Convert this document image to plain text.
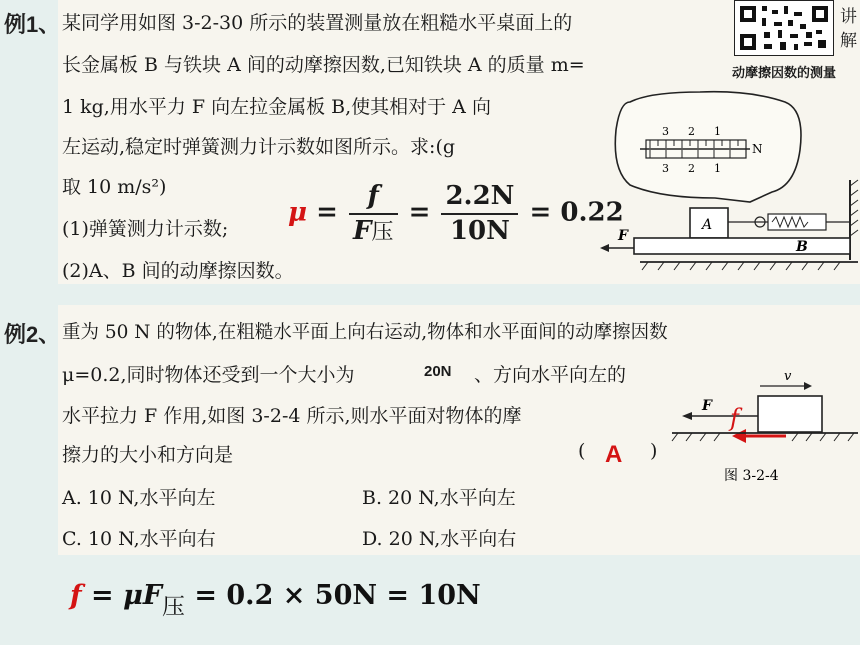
例1、 某同学用如图 3-2-30 所示的装置测量放在粗糙水平桌面上的
长金属板 B 与铁块 A 间的动摩擦因数,已知铁块 A 的质量 m=
1 kg,用水平力 F 向左拉金属板 B,使其相对于 A 向
左运动,稳定时弹簧测力计示数如图所示。求:(g
取 10 m/s²)
(1)弹簧测力计示数;
(2)A、B 间的动摩擦因数。
$\mu = \frac{f}{\text{F压}} = \frac{2.2N}{10N} = 0.22$
讲
解
动摩擦因数的测量
3 2 1
3 2 1
N
A
B
F
例2、 重为 50 N 的物体,在粗糙水平面上向右运动,物体和水平面间的动摩擦因数
μ=0.2,同时物体还受到一个大小为	20N 、方向水平向左的
水平拉力 F 作用,如图 3-2-4 所示,则水平面对物体的摩
擦力的大小和方向是	( A )
A. 10 N,水平向左	B. 20 N,水平向左
C. 10 N,水平向右	D. 20 N,水平向右
v
F f
图 3-2-4
$f = \mu F_压 = 0.2 \times 50N = 10N$
